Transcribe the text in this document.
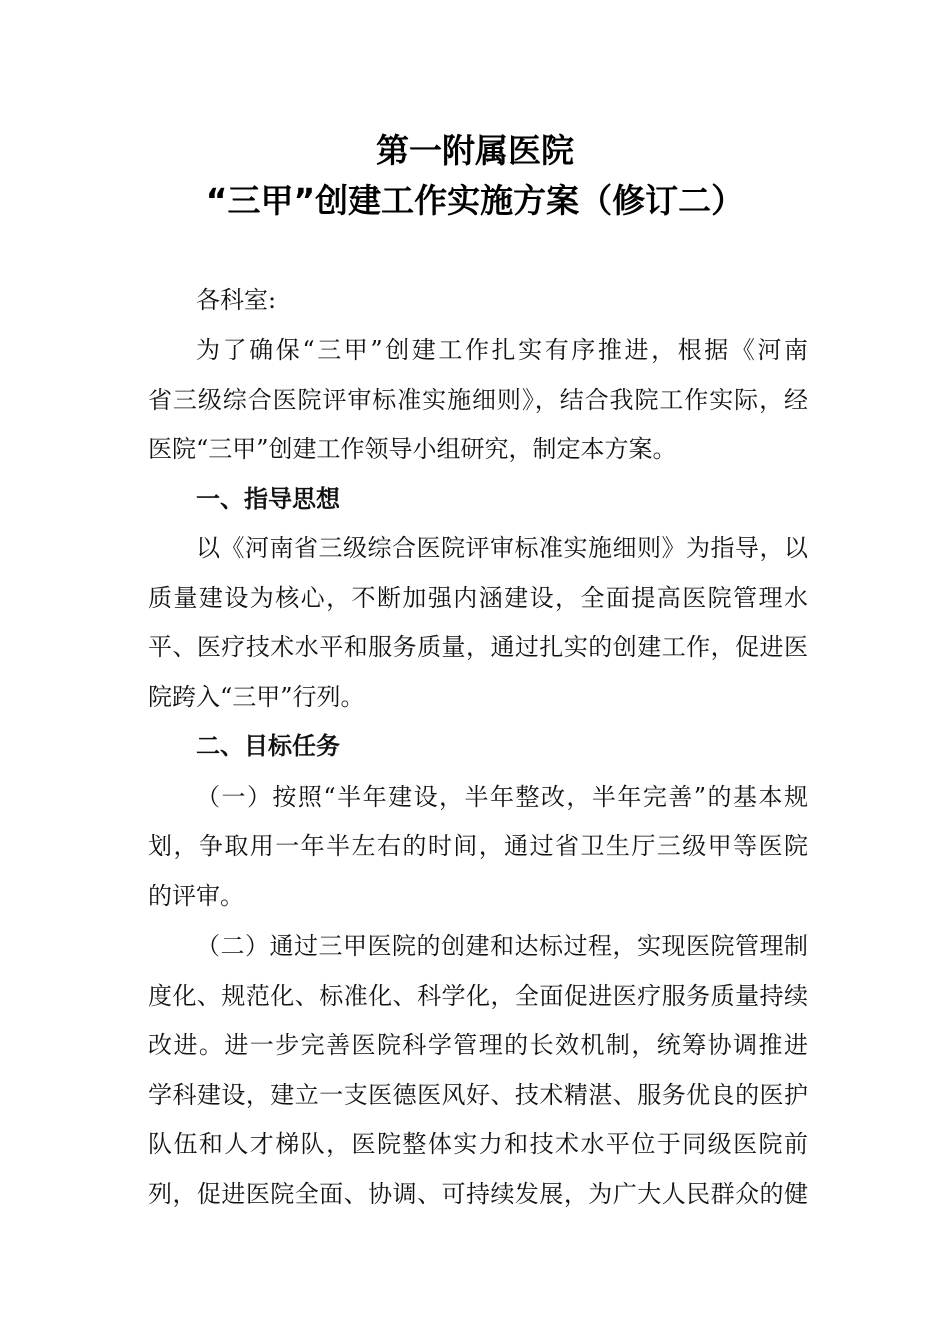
第一附属医院
“三甲”创建工作实施方案（修订二）
各科室:
为了确保“三甲”创建工作扎实有序推进，根据《河南
省三级综合医院评审标准实施细则》，结合我院工作实际，经
医院“三甲”创建工作领导小组研究，制定本方案。
一、指导思想
以《河南省三级综合医院评审标准实施细则》为指导，以
质量建设为核心，不断加强内涵建设，全面提高医院管理水
平、医疗技术水平和服务质量，通过扎实的创建工作，促进医
院跨入“三甲”行列。
二、目标任务
（一）按照“半年建设，半年整改，半年完善”的基本规
划，争取用一年半左右的时间，通过省卫生厅三级甲等医院
的评审。
（二）通过三甲医院的创建和达标过程，实现医院管理制
度化、规范化、标准化、科学化，全面促进医疗服务质量持续
改进。进一步完善医院科学管理的长效机制，统筹协调推进
学科建设，建立一支医德医风好、技术精湛、服务优良的医护
队伍和人才梯队，医院整体实力和技术水平位于同级医院前
列，促进医院全面、协调、可持续发展，为广大人民群众的健
